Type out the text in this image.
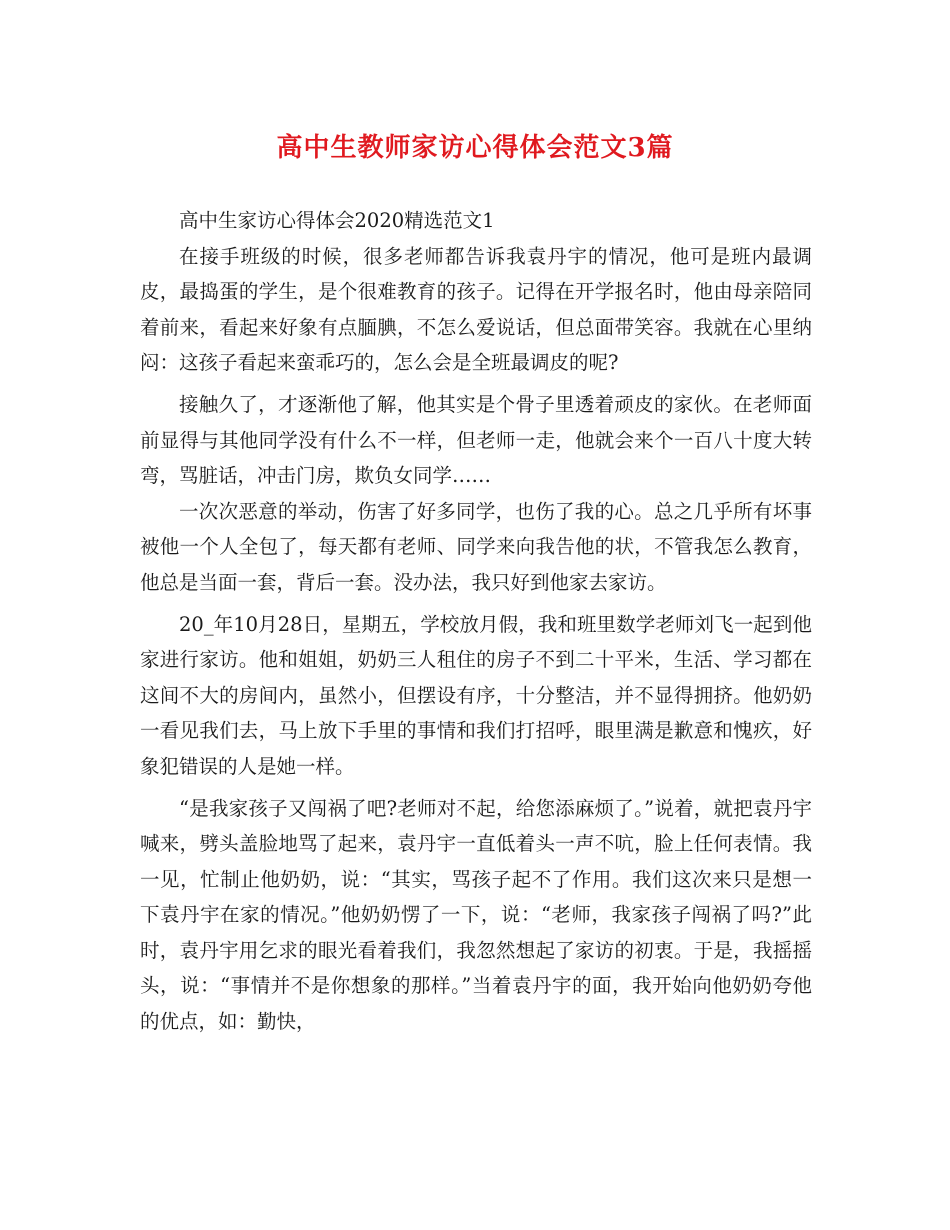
高中生教师家访心得体会范文3篇

高中生家访心得体会2020精选范文1

在接手班级的时候，很多老师都告诉我袁丹宇的情况，他可是班内最调皮，最捣蛋的学生，是个很难教育的孩子。记得在开学报名时，他由母亲陪同着前来，看起来好象有点腼腆，不怎么爱说话，但总面带笑容。我就在心里纳闷：这孩子看起来蛮乖巧的，怎么会是全班最调皮的呢?

接触久了，才逐渐他了解，他其实是个骨子里透着顽皮的家伙。在老师面前显得与其他同学没有什么不一样，但老师一走，他就会来个一百八十度大转弯，骂脏话，冲击门房，欺负女同学……

一次次恶意的举动，伤害了好多同学，也伤了我的心。总之几乎所有坏事被他一个人全包了，每天都有老师、同学来向我告他的状，不管我怎么教育，他总是当面一套，背后一套。没办法，我只好到他家去家访。

20_年10月28日，星期五，学校放月假，我和班里数学老师刘飞一起到他家进行家访。他和姐姐，奶奶三人租住的房子不到二十平米，生活、学习都在这间不大的房间内，虽然小，但摆设有序，十分整洁，并不显得拥挤。他奶奶一看见我们去，马上放下手里的事情和我们打招呼，眼里满是歉意和愧疚，好象犯错误的人是她一样。

“是我家孩子又闯祸了吧?老师对不起，给您添麻烦了。”说着，就把袁丹宇喊来，劈头盖脸地骂了起来，袁丹宇一直低着头一声不吭，脸上任何表情。我一见，忙制止他奶奶，说：“其实，骂孩子起不了作用。我们这次来只是想一下袁丹宇在家的情况。”他奶奶愣了一下，说：“老师，我家孩子闯祸了吗?”此时，袁丹宇用乞求的眼光看着我们，我忽然想起了家访的初衷。于是，我摇摇头，说：“事情并不是你想象的那样。”当着袁丹宇的面，我开始向他奶奶夸他的优点，如：勤快，
